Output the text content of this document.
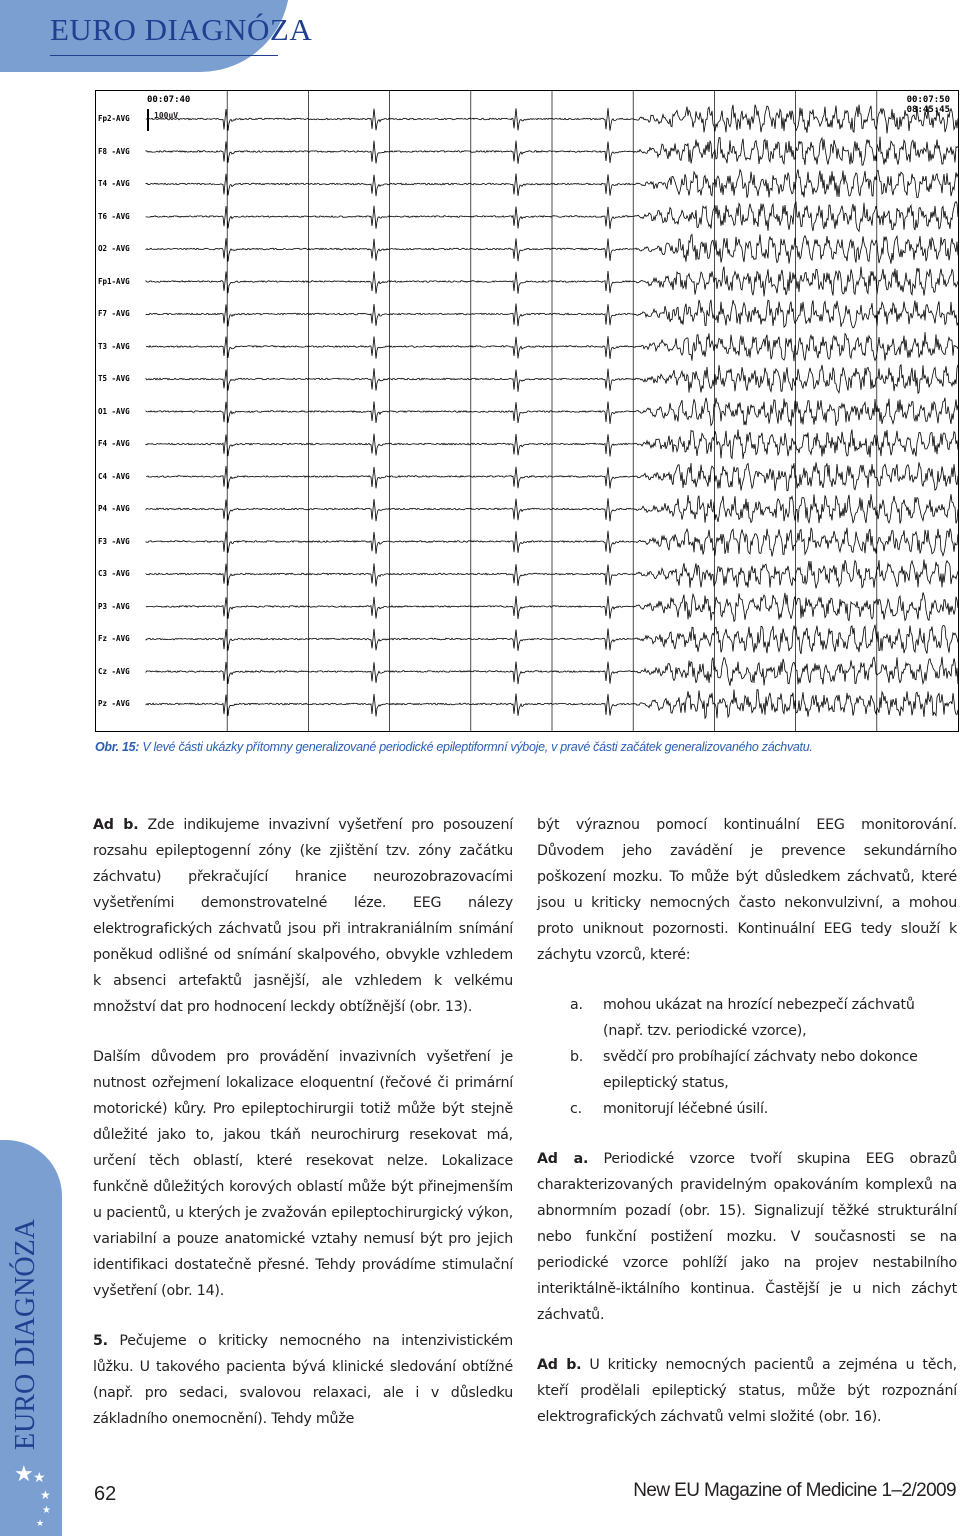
EURO DIAGNÓZA
00:07:40	00:07:50
08:45:45
100uV
Fp2-AVG
F8 -AVG
T4 -AVG
T6 -AVG
O2 -AVG
Fp1-AVG
F7 -AVG
T3 -AVG
T5 -AVG
O1 -AVG
F4 -AVG
C4 -AVG
P4 -AVG
F3 -AVG
C3 -AVG
P3 -AVG
Fz -AVG
Cz -AVG
Pz -AVG
Obr. 15: V levé části ukázky přítomny generalizované periodické epileptiformní výboje, v pravé části začátek generalizovaného záchvatu.

Ad b. Zde indikujeme invazivní vyšetření pro posouzení rozsahu epileptogenní zóny (ke zjištění tzv. zóny začátku záchvatu) překračující hranice neurozobrazovacími vyšetřeními demonstrovatelné léze. EEG nálezy elektrografických záchvatů jsou při intrakraniálním snímání poněkud odlišné od snímání skalpového, obvykle vzhledem k absenci artefaktů jasnější, ale vzhledem k velkému množství dat pro hodnocení leckdy obtížnější (obr. 13).

Dalším důvodem pro provádění invazivních vyšetření je nutnost ozřejmení lokalizace eloquentní (řečové či primární motorické) kůry. Pro epileptochirurgii totiž může být stejně důležité jako to, jakou tkáň neurochirurg resekovat má, určení těch oblastí, které resekovat nelze. Lokalizace funkčně důležitých korových oblastí může být přinejmenším u pacientů, u kterých je zvažován epileptochirurgický výkon, variabilní a pouze anatomické vztahy nemusí být pro jejich identifikaci dostatečně přesné. Tehdy provádíme stimulační vyšetření (obr. 14).

5. Pečujeme o kriticky nemocného na intenzivistickém lůžku. U takového pacienta bývá klinické sledování obtížné (např. pro sedaci, svalovou relaxaci, ale i v důsledku základního onemocnění). Tehdy může

být výraznou pomocí kontinuální EEG monitorování. Důvodem jeho zavádění je prevence sekundárního poškození mozku. To může být důsledkem záchvatů, které jsou u kriticky nemocných často nekonvulzivní, a mohou proto uniknout pozornosti. Kontinuální EEG tedy slouží k záchytu vzorců, které:

a. mohou ukázat na hrozící nebezpečí záchvatů (např. tzv. periodické vzorce),
b. svědčí pro probíhající záchvaty nebo dokonce epileptický status,
c. monitorují léčebné úsilí.

Ad a. Periodické vzorce tvoří skupina EEG obrazů charakterizovaných pravidelným opakováním komplexů na abnormním pozadí (obr. 15). Signalizují těžké strukturální nebo funkční postižení mozku. V současnosti se na periodické vzorce pohlíží jako na projev nestabilního interiktálně-iktálního kontinua. Častější je u nich záchyt záchvatů.

Ad b. U kriticky nemocných pacientů a zejména u těch, kteří prodělali epileptický status, může být rozpoznání elektrografických záchvatů velmi složité (obr. 16).

EURO DIAGNÓZA
★ ★
★
★
★
62	New EU Magazine of Medicine 1–2/2009
